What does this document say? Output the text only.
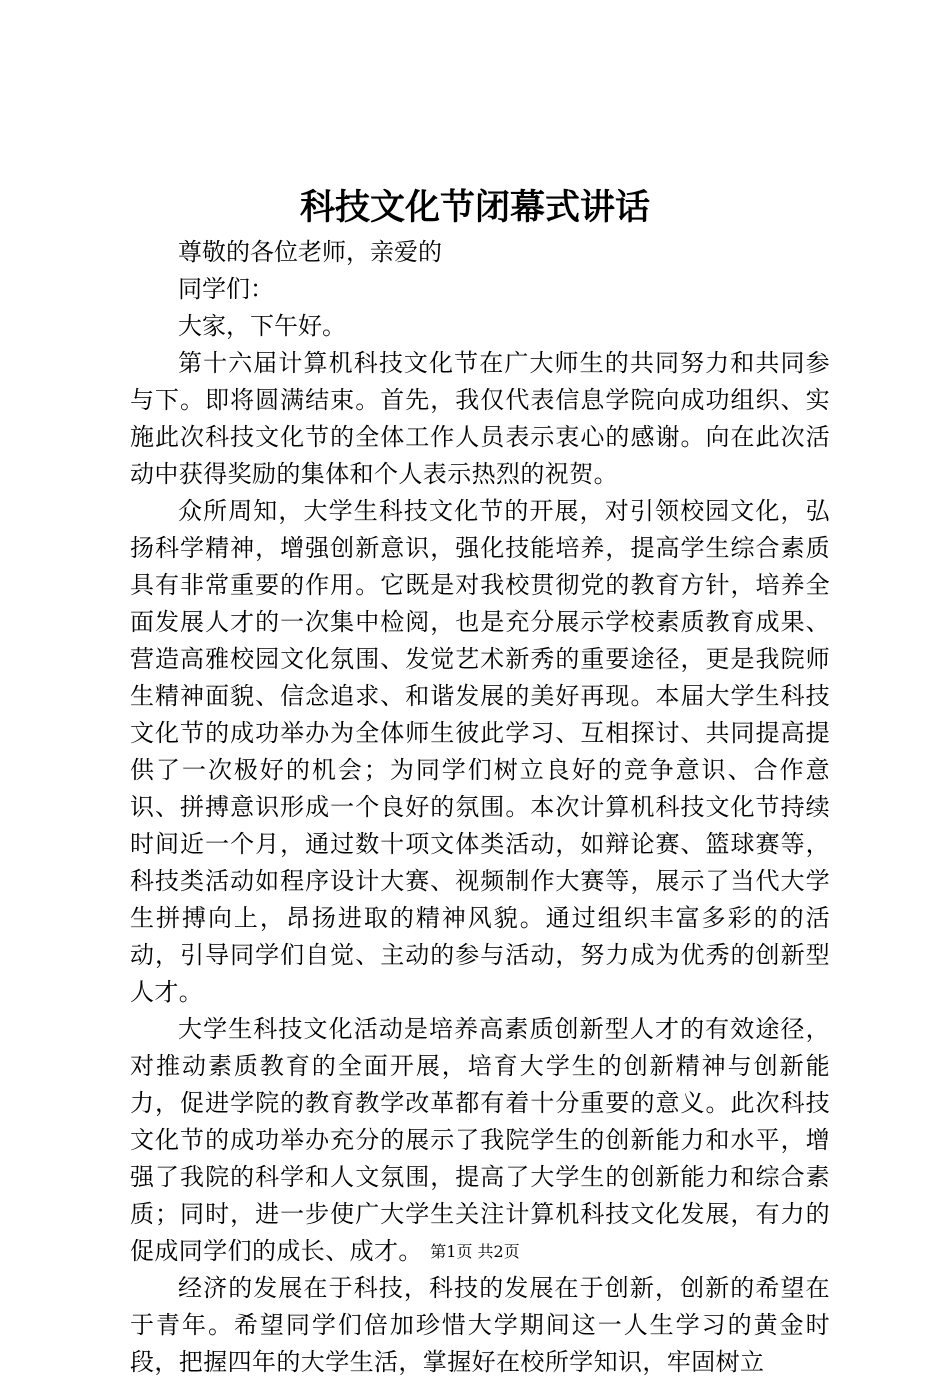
科技文化节闭幕式讲话

尊敬的各位老师，亲爱的

同学们：

大家，下午好。

第十六届计算机科技文化节在广大师生的共同努力和共同参与下。即将圆满结束。首先，我仅代表信息学院向成功组织、实施此次科技文化节的全体工作人员表示衷心的感谢。向在此次活动中获得奖励的集体和个人表示热烈的祝贺。

众所周知，大学生科技文化节的开展，对引领校园文化，弘扬科学精神，增强创新意识，强化技能培养，提高学生综合素质具有非常重要的作用。它既是对我校贯彻党的教育方针，培养全面发展人才的一次集中检阅，也是充分展示学校素质教育成果、营造高雅校园文化氛围、发觉艺术新秀的重要途径，更是我院师生精神面貌、信念追求、和谐发展的美好再现。本届大学生科技文化节的成功举办为全体师生彼此学习、互相探讨、共同提高提供了一次极好的机会；为同学们树立良好的竞争意识、合作意识、拼搏意识形成一个良好的氛围。本次计算机科技文化节持续时间近一个月，通过数十项文体类活动，如辩论赛、篮球赛等，科技类活动如程序设计大赛、视频制作大赛等，展示了当代大学生拼搏向上，昂扬进取的精神风貌。通过组织丰富多彩的的活动，引导同学们自觉、主动的参与活动，努力成为优秀的创新型人才。

大学生科技文化活动是培养高素质创新型人才的有效途径，对推动素质教育的全面开展，培育大学生的创新精神与创新能力，促进学院的教育教学改革都有着十分重要的意义。此次科技文化节的成功举办充分的展示了我院学生的创新能力和水平，增强了我院的科学和人文氛围，提高了大学生的创新能力和综合素质；同时，进一步使广大学生关注计算机科技文化发展，有力的促成同学们的成长、成才。

经济的发展在于科技，科技的发展在于创新，创新的希望在于青年。希望同学们倍加珍惜大学期间这一人生学习的黄金时段，把握四年的大学生活，掌握好在校所学知识，牢固树立

第1页 共2页
